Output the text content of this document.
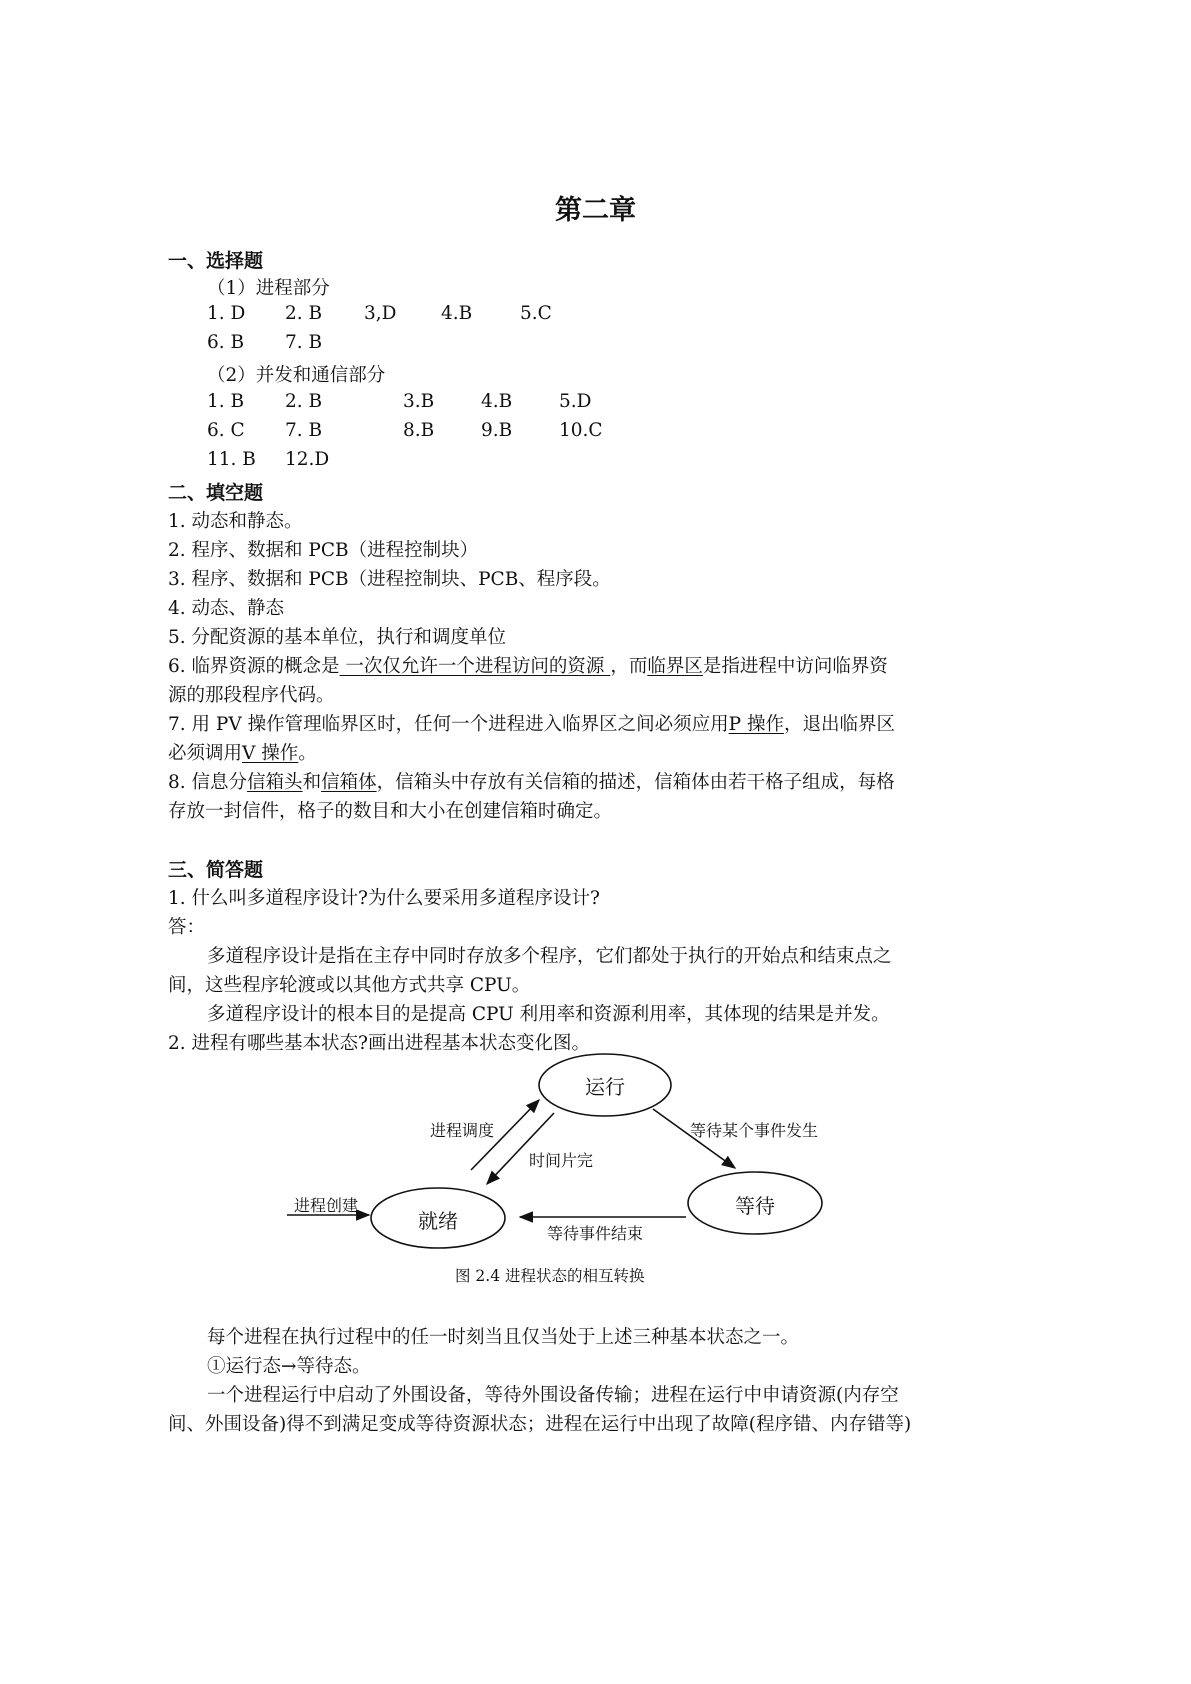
第二章
一、选择题
（1）进程部分
1. D 2. B 3,D 4.B	5.C
6. B 7. B
（2）并发和通信部分
1. B 2. B	3.B	4.B	5.D
6. C 7. B	8.B	9.B	10.C
11. B 12.D
二、填空题
1. 动态和静态。
2. 程序、数据和 PCB（进程控制块）
3. 程序、数据和 PCB（进程控制块、PCB、程序段。
4. 动态、静态
5. 分配资源的基本单位，执行和调度单位
6. 临界资源的概念是 一次仅允许一个进程访问的资源 ，而临界区是指进程中访问临界资
源的那段程序代码。
7. 用 PV 操作管理临界区时，任何一个进程进入临界区之间必须应用P 操作，退出临界区
必须调用V 操作。
8. 信息分信箱头和信箱体，信箱头中存放有关信箱的描述，信箱体由若干格子组成，每格
存放一封信件，格子的数目和大小在创建信箱时确定。
三、简答题
1. 什么叫多道程序设计?为什么要采用多道程序设计?
答：
多道程序设计是指在主存中同时存放多个程序，它们都处于执行的开始点和结束点之
间，这些程序轮渡或以其他方式共享 CPU。
多道程序设计的根本目的是提高 CPU 利用率和资源利用率，其体现的结果是并发。
2. 进程有哪些基本状态?画出进程基本状态变化图。
运行
就绪
等待
进程调度
时间片完
等待某个事件发生
等待事件结束
进程创建
图 2.4 进程状态的相互转换
每个进程在执行过程中的任一时刻当且仅当处于上述三种基本状态之一。
①运行态→等待态。
一个进程运行中启动了外围设备，等待外围设备传输；进程在运行中申请资源(内存空
间、外围设备)得不到满足变成等待资源状态；进程在运行中出现了故障(程序错、内存错等)
